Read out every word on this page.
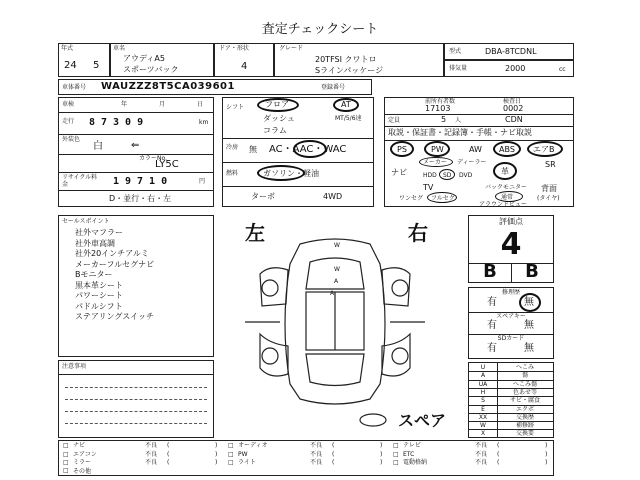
査定チェックシート
年式
24 5
車名
アウディA5
スポーツバック
ドア・形状
4
グレード
20TFSI クワトロ
Sラインパッケージ
型式	DBA-8TCDNL
排気量	2000	cc
車体番号 WAUZZZ8T5CA039601	登録番号
車検	年	月	日
走行 87309	km
外装色
白	⇐
カラーNo.
LY5C
リサイクル料金	19710	円
D・並行・右・左
シフト	フロア	AT
ダッシュ	MT/5/6速
コラム
冷房 無 AC・AAC・WAC
燃料	ガソリン・軽油
ターボ	4WD
前所有者数	検査日
17103	0002
定員	5 人	CDN
取説・保証書・記録簿・手帳・ナビ取説
PS	PW	AW ABS エアB
メーカー ディーラー	SR
ナビ	HDD SD DVD	革
TV	バックモニター
通常
背面
ワンセグ フルセグ
アラウンドビュー
(タイヤ)
セールスポイント
社外マフラー
社外車高調
社外20インチアルミ
メーカーフルセグナビ
Bモニター
黒本革シート
パワーシート
パドルシフト
ステアリングスイッチ
注意事項
左	右
W
W
A
A
スペア
評価点
4
B	B
修理歴
有	無
スペアキー
有	無
SDカード
有	無
U	へこみ
A	傷
UA	へこみ傷
H	色あせ等
S	サビ・腐食
E	エクボ
XX	交換歴
W	補修跡
X	交換要
□ ナビ	不良 (	) □ オーディオ	不良 (	) □ テレビ	不良 (	)
□ エアコン	不良 (	) □ PW	不良 (	) □ ETC	不良 (	)
□ ミラー	不良 (	) □ ライト	不良 (	) □ 電動格納	不良 (	)
□ その他
